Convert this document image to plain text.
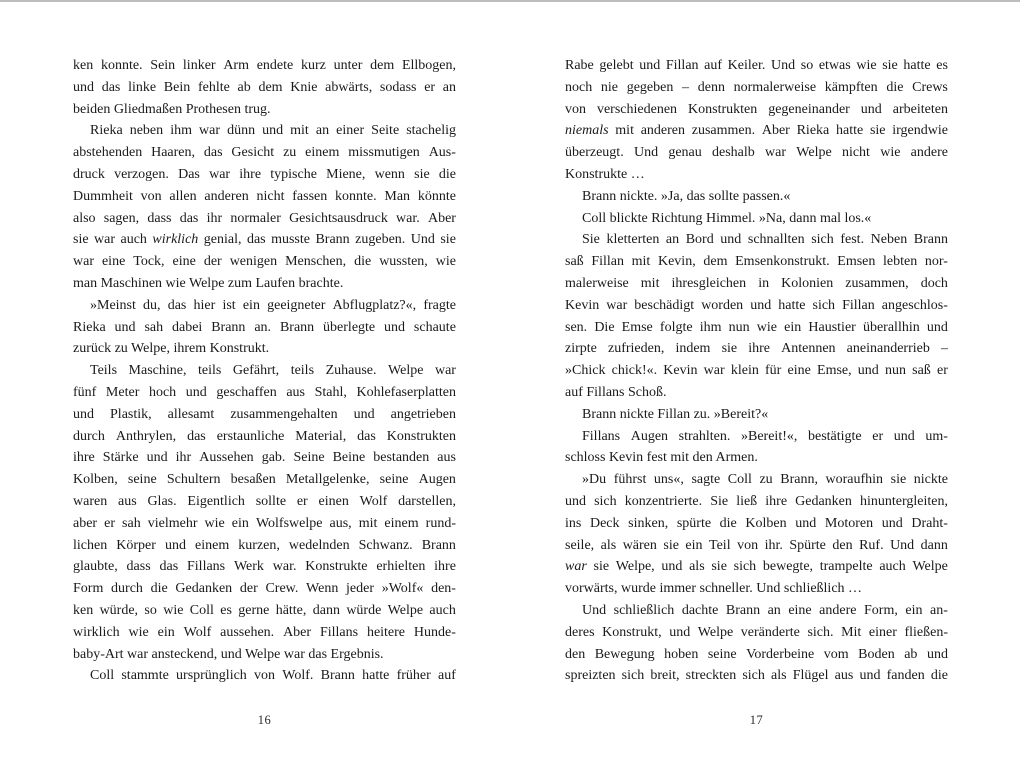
ken konnte. Sein linker Arm endete kurz unter dem Ellbogen,
und das linke Bein fehlte ab dem Knie abwärts, sodass er an
beiden Gliedmaßen Prothesen trug.
Rieka neben ihm war dünn und mit an einer Seite stachelig
abstehenden Haaren, das Gesicht zu einem missmutigen Aus-
druck verzogen. Das war ihre typische Miene, wenn sie die
Dummheit von allen anderen nicht fassen konnte. Man könnte
also sagen, dass das ihr normaler Gesichtsausdruck war. Aber
sie war auch wirklich genial, das musste Brann zugeben. Und sie
war eine Tock, eine der wenigen Menschen, die wussten, wie
man Maschinen wie Welpe zum Laufen brachte.
»Meinst du, das hier ist ein geeigneter Abflugplatz?«, fragte
Rieka und sah dabei Brann an. Brann überlegte und schaute
zurück zu Welpe, ihrem Konstrukt.
Teils Maschine, teils Gefährt, teils Zuhause. Welpe war
fünf Meter hoch und geschaffen aus Stahl, Kohlefaserplatten
und Plastik, allesamt zusammengehalten und angetrieben
durch Anthrylen, das erstaunliche Material, das Konstrukten
ihre Stärke und ihr Aussehen gab. Seine Beine bestanden aus
Kolben, seine Schultern besaßen Metallgelenke, seine Augen
waren aus Glas. Eigentlich sollte er einen Wolf darstellen,
aber er sah vielmehr wie ein Wolfswelpe aus, mit einem rund-
lichen Körper und einem kurzen, wedelnden Schwanz. Brann
glaubte, dass das Fillans Werk war. Konstrukte erhielten ihre
Form durch die Gedanken der Crew. Wenn jeder »Wolf« den-
ken würde, so wie Coll es gerne hätte, dann würde Welpe auch
wirklich wie ein Wolf aussehen. Aber Fillans heitere Hunde-
baby-Art war ansteckend, und Welpe war das Ergebnis.
Coll stammte ursprünglich von Wolf. Brann hatte früher auf
16
Rabe gelebt und Fillan auf Keiler. Und so etwas wie sie hatte es
noch nie gegeben – denn normalerweise kämpften die Crews
von verschiedenen Konstrukten gegeneinander und arbeiteten
niemals mit anderen zusammen. Aber Rieka hatte sie irgendwie
überzeugt. Und genau deshalb war Welpe nicht wie andere
Konstrukte …
Brann nickte. »Ja, das sollte passen.«
Coll blickte Richtung Himmel. »Na, dann mal los.«
Sie kletterten an Bord und schnallten sich fest. Neben Brann
saß Fillan mit Kevin, dem Emsenkonstrukt. Emsen lebten nor-
malerweise mit ihresgleichen in Kolonien zusammen, doch
Kevin war beschädigt worden und hatte sich Fillan angeschlos-
sen. Die Emse folgte ihm nun wie ein Haustier überallhin und
zirpte zufrieden, indem sie ihre Antennen aneinanderrieb –
»Chick chick!«. Kevin war klein für eine Emse, und nun saß er
auf Fillans Schoß.
Brann nickte Fillan zu. »Bereit?«
Fillans Augen strahlten. »Bereit!«, bestätigte er und um-
schloss Kevin fest mit den Armen.
»Du führst uns«, sagte Coll zu Brann, woraufhin sie nickte
und sich konzentrierte. Sie ließ ihre Gedanken hinuntergleiten,
ins Deck sinken, spürte die Kolben und Motoren und Draht-
seile, als wären sie ein Teil von ihr. Spürte den Ruf. Und dann
war sie Welpe, und als sie sich bewegte, trampelte auch Welpe
vorwärts, wurde immer schneller. Und schließlich …
Und schließlich dachte Brann an eine andere Form, ein an-
deres Konstrukt, und Welpe veränderte sich. Mit einer fließen-
den Bewegung hoben seine Vorderbeine vom Boden ab und
spreizten sich breit, streckten sich als Flügel aus und fanden die
17
